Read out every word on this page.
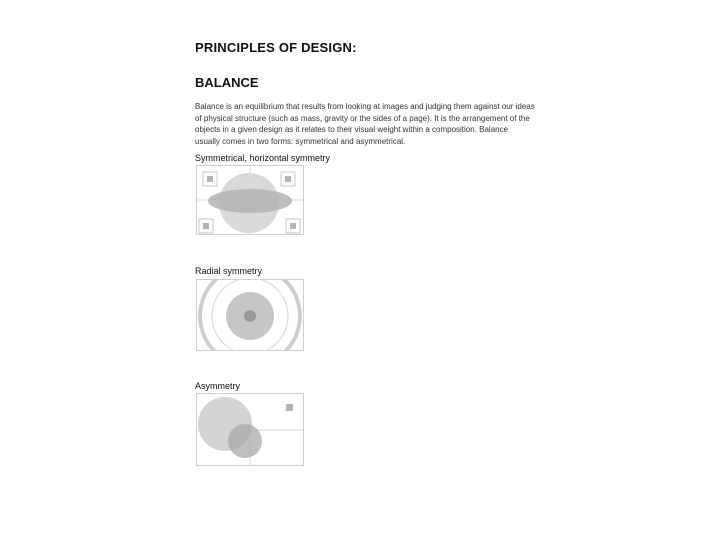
PRINCIPLES OF DESIGN:
BALANCE

Balance is an equilibrium that results from looking at images and judging them against our ideas of physical structure (such as mass, gravity or the sides of a page). It is the arrangement of the objects in a given design as it relates to their visual weight within a composition. Balance usually comes in two forms: symmetrical and asymmetrical.

Symmetrical, horizontal symmetry

Radial symmetry

Asymmetry
